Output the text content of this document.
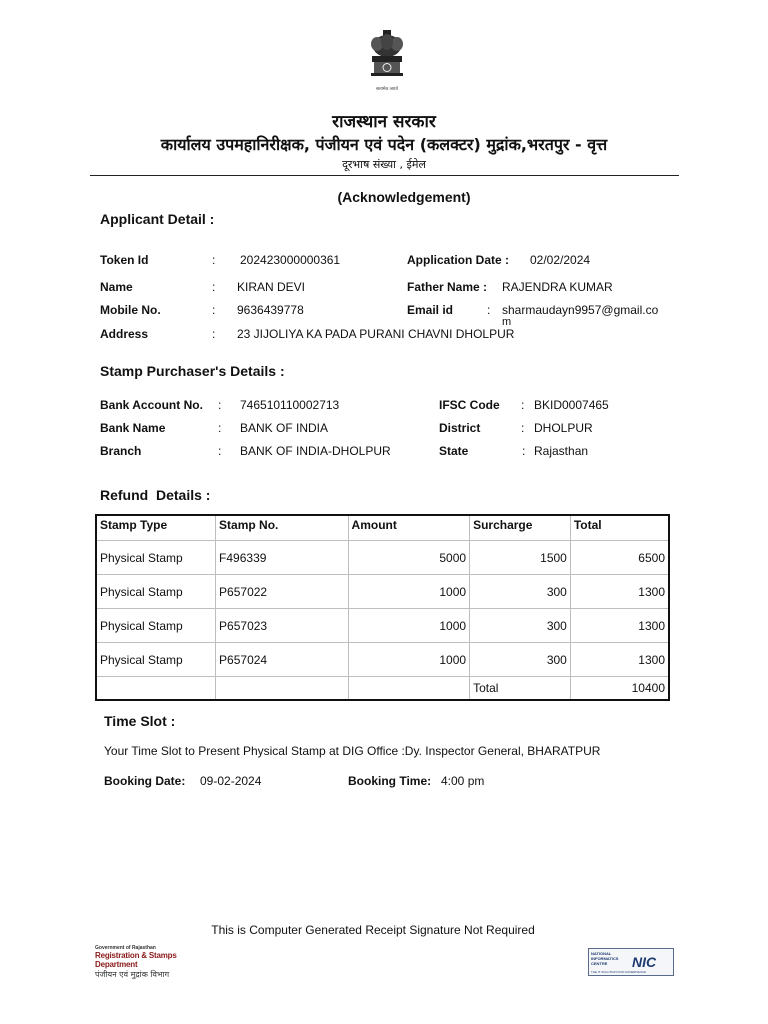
सत्यमेव जयते
राजस्थान सरकार
कार्यालय उपमहानिरीक्षक, पंजीयन एवं पदेन (कलक्टर) मुद्रांक,भरतपुर - वृत्त
दूरभाष संख्या , ईमेल
(Acknowledgement)
Applicant Detail :
Token Id	: 202423000000361	Application Date : 02/02/2024
Name	: KIRAN DEVI	Father Name : RAJENDRA KUMAR
Mobile No.	: 9636439778	Email id	: sharmaudayn9957@gmail.co
m
Address	: 23 JIJOLIYA KA PADA PURANI CHAVNI DHOLPUR
Stamp Purchaser's Details :
Bank Account No. : 746510110002713	IFSC Code : BKID0007465
Bank Name	: BANK OF INDIA	District	: DHOLPUR
Branch	: BANK OF INDIA-DHOLPUR	State	: Rajasthan
Refund  Details :
Stamp Type	Stamp No.	Amount	Surcharge	Total
Physical Stamp	F496339	5000	1500	6500
Physical Stamp	P657022	1000	300	1300
Physical Stamp	P657023	1000	300	1300
Physical Stamp	P657024	1000	300	1300
			Total	10400
Time Slot :
Your Time Slot to Present Physical Stamp at DIG Office :Dy. Inspector General, BHARATPUR
Booking Date: 09-02-2024	Booking Time: 4:00 pm
This is Computer Generated Receipt Signature Not Required
Government of Rajasthan
Registration & Stamps Department
पंजीयन एवं मुद्रांक विभाग
NATIONAL
INFORMATICS
CENTRE NIC
THE IT SOLUTION FOR GOVERNANCE
